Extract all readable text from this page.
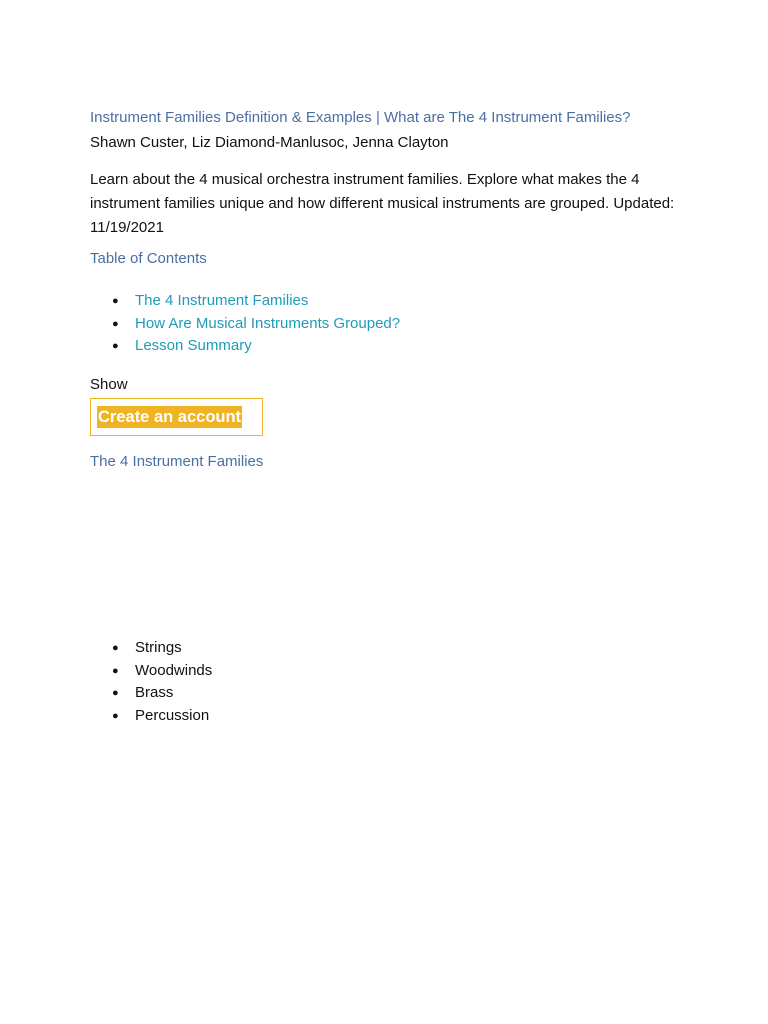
Instrument Families Definition & Examples | What are The 4 Instrument Families?
Shawn Custer, Liz Diamond-Manlusoc, Jenna Clayton
Learn about the 4 musical orchestra instrument families. Explore what makes the 4 instrument families unique and how different musical instruments are grouped. Updated: 11/19/2021
Table of Contents
● The 4 Instrument Families
● How Are Musical Instruments Grouped?
● Lesson Summary
Show
Create an account
The 4 Instrument Families
● Strings
● Woodwinds
● Brass
● Percussion
